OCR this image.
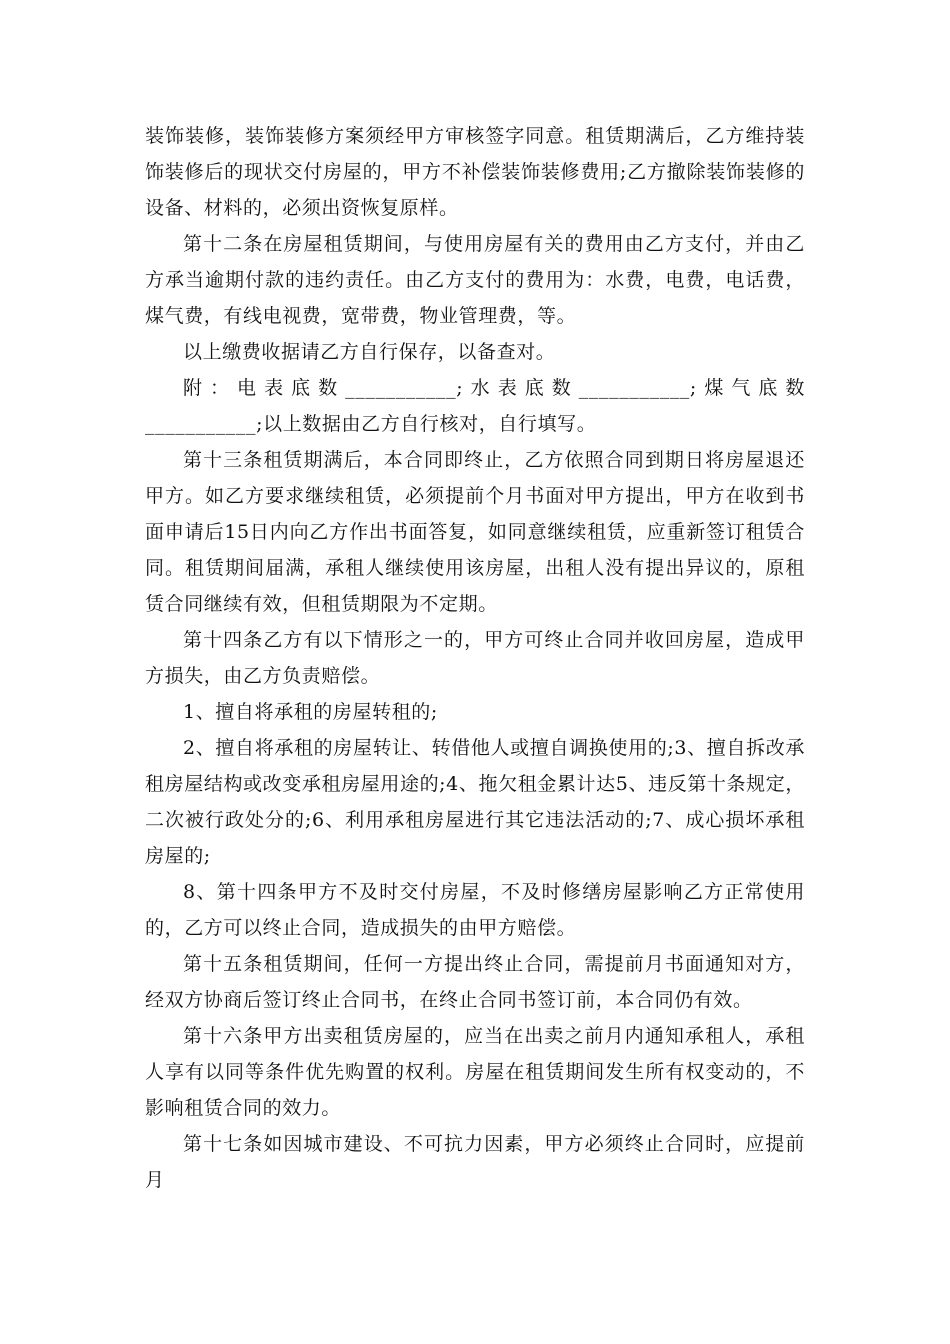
装饰装修，装饰装修方案须经甲方审核签字同意。租赁期满后，乙方维持装饰装修后的现状交付房屋的，甲方不补偿装饰装修费用;乙方撤除装饰装修的设备、材料的，必须出资恢复原样。

第十二条在房屋租赁期间，与使用房屋有关的费用由乙方支付，并由乙方承当逾期付款的违约责任。由乙方支付的费用为：水费，电费，电话费，煤气费，有线电视费，宽带费，物业管理费，等。

以上缴费收据请乙方自行保存，以备查对。

附：电表底数___________;水表底数___________;煤气底数___________;以上数据由乙方自行核对，自行填写。

第十三条租赁期满后，本合同即终止，乙方依照合同到期日将房屋退还甲方。如乙方要求继续租赁，必须提前个月书面对甲方提出，甲方在收到书面申请后15日内向乙方作出书面答复，如同意继续租赁，应重新签订租赁合同。租赁期间届满，承租人继续使用该房屋，出租人没有提出异议的，原租赁合同继续有效，但租赁期限为不定期。

第十四条乙方有以下情形之一的，甲方可终止合同并收回房屋，造成甲方损失，由乙方负责赔偿。

1、擅自将承租的房屋转租的;

2、擅自将承租的房屋转让、转借他人或擅自调换使用的;3、擅自拆改承租房屋结构或改变承租房屋用途的;4、拖欠租金累计达5、违反第十条规定，二次被行政处分的;6、利用承租房屋进行其它违法活动的;7、成心损坏承租房屋的;

8、第十四条甲方不及时交付房屋，不及时修缮房屋影响乙方正常使用的，乙方可以终止合同，造成损失的由甲方赔偿。

第十五条租赁期间，任何一方提出终止合同，需提前月书面通知对方，经双方协商后签订终止合同书，在终止合同书签订前，本合同仍有效。

第十六条甲方出卖租赁房屋的，应当在出卖之前月内通知承租人，承租人享有以同等条件优先购置的权利。房屋在租赁期间发生所有权变动的，不影响租赁合同的效力。

第十七条如因城市建设、不可抗力因素，甲方必须终止合同时，应提前月
